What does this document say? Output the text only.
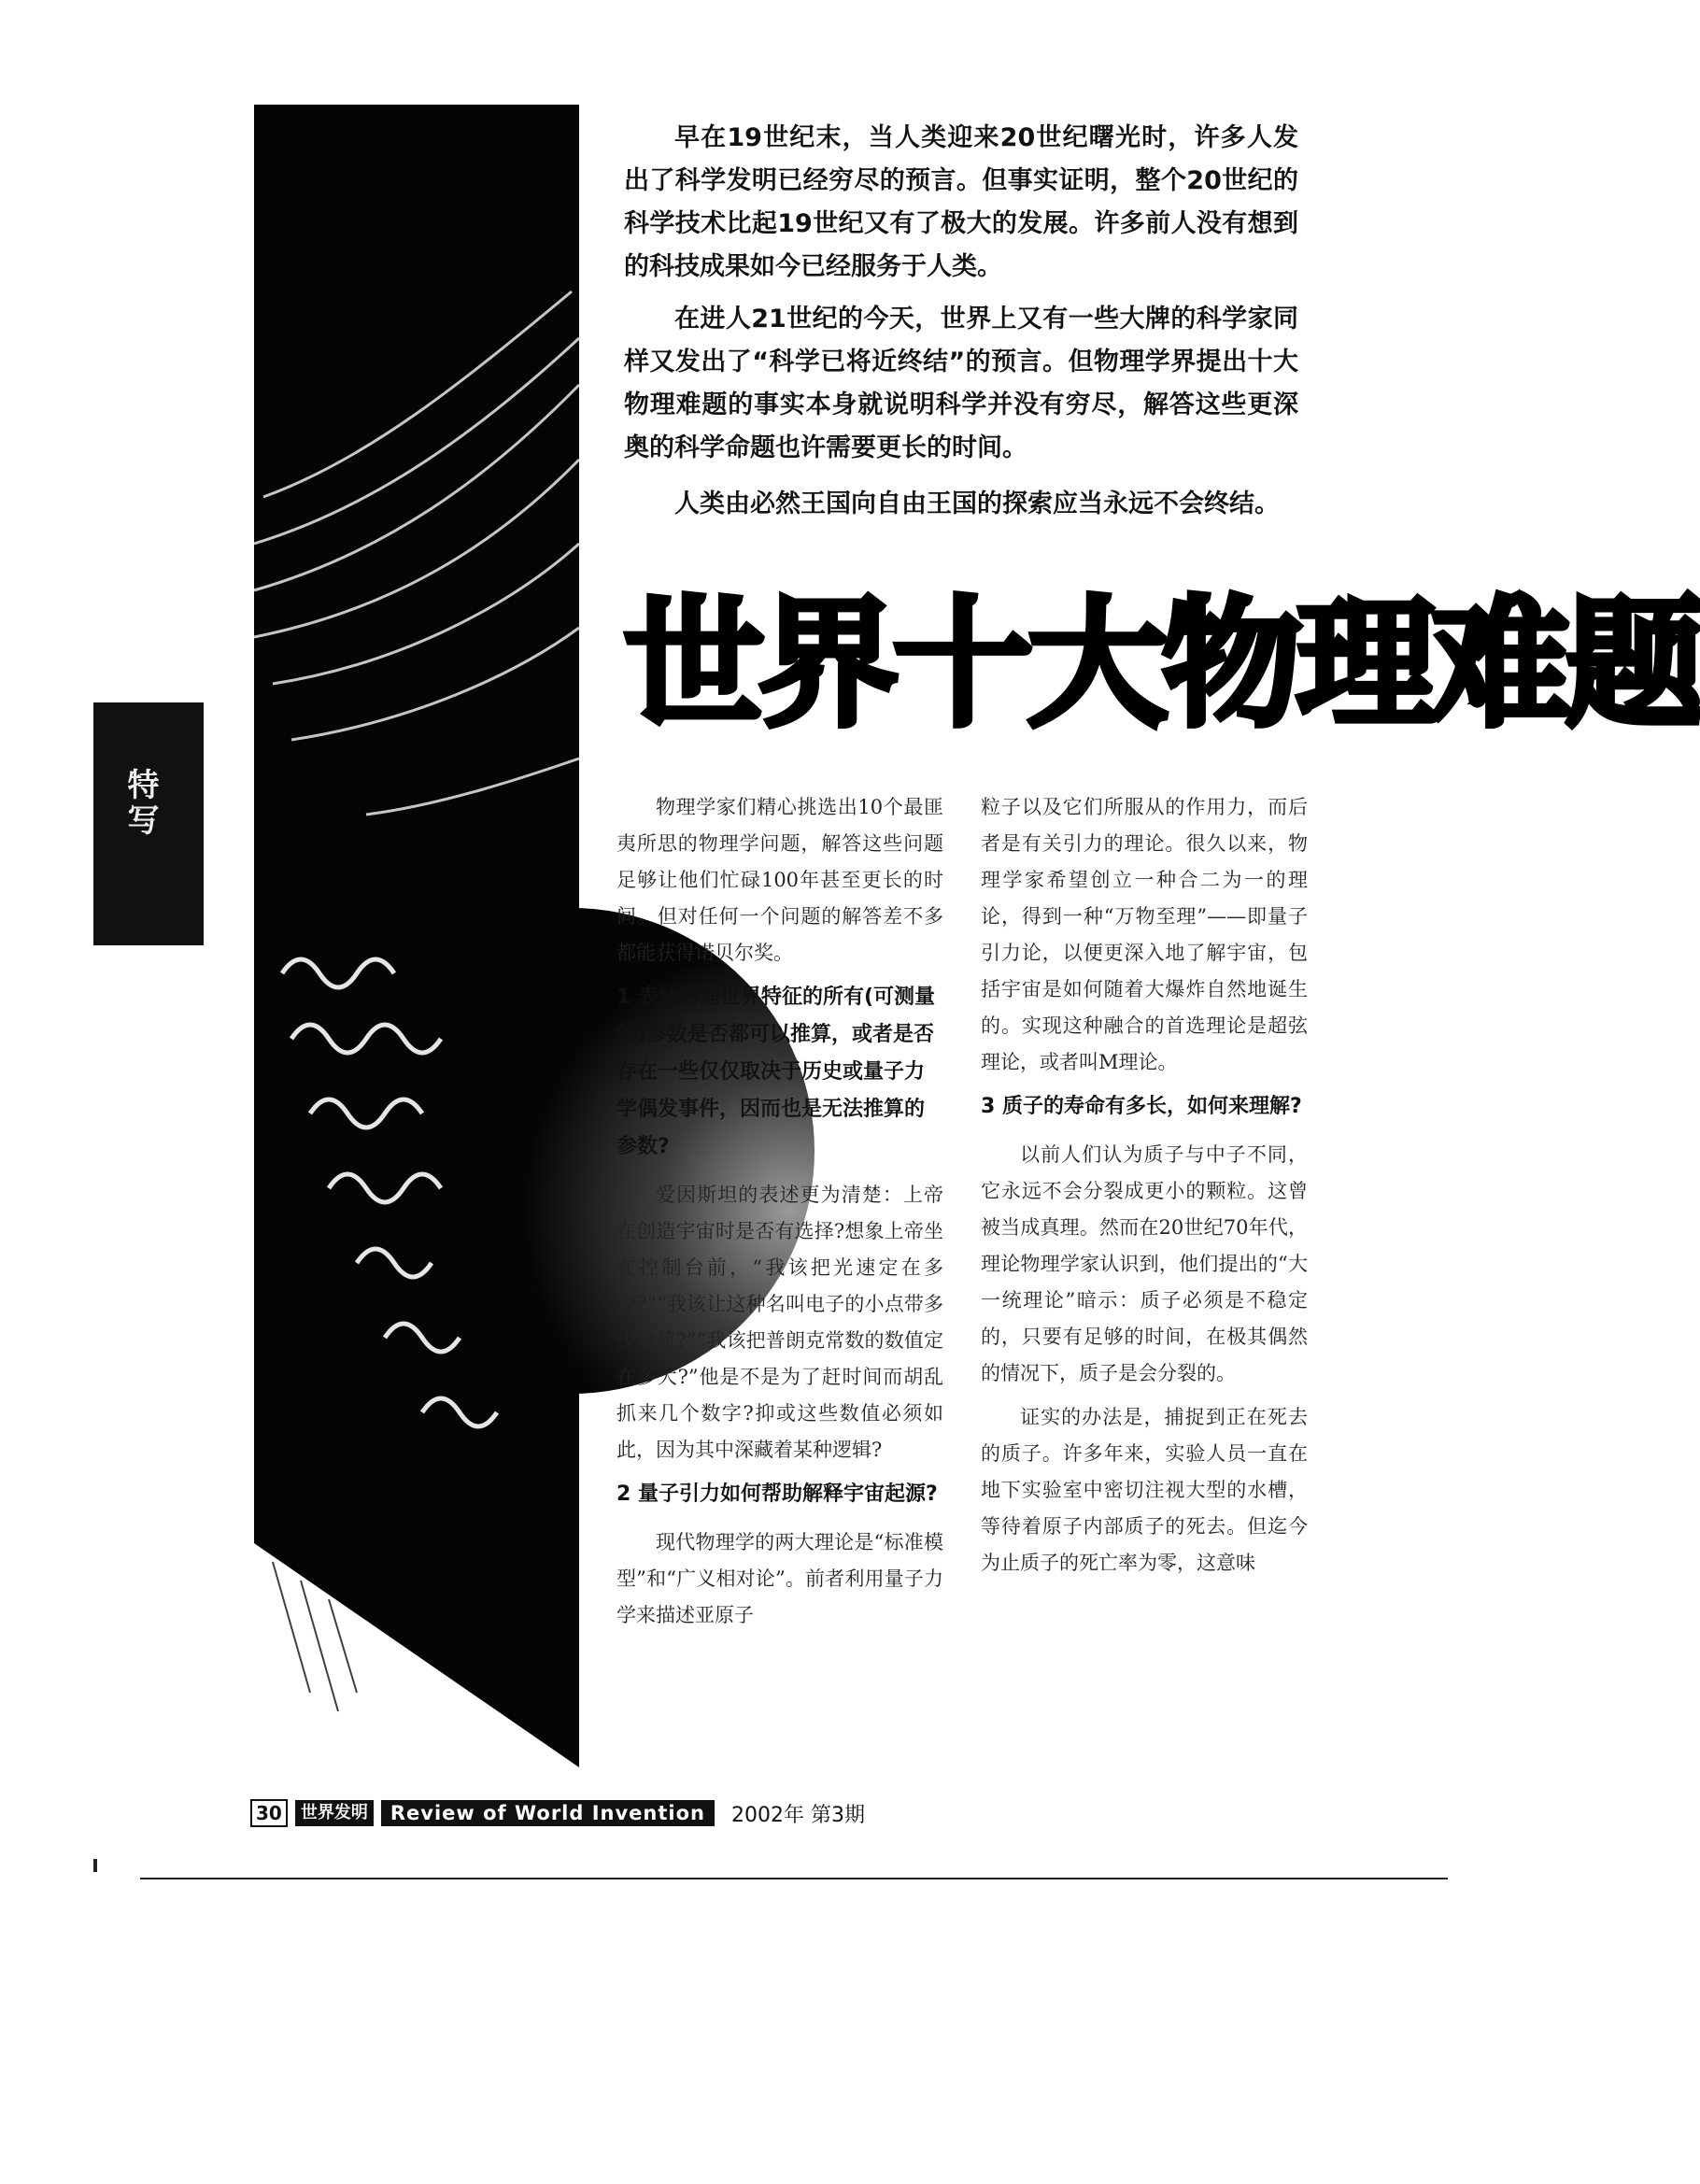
特写

早在19世纪末，当人类迎来20世纪曙光时，许多人发出了科学发明已经穷尽的预言。但事实证明，整个20世纪的科学技术比起19世纪又有了极大的发展。许多前人没有想到的科技成果如今已经服务于人类。

在进人21世纪的今天，世界上又有一些大牌的科学家同样又发出了“科学已将近终结”的预言。但物理学界提出十大物理难题的事实本身就说明科学并没有穷尽，解答这些更深奥的科学命题也许需要更长的时间。

人类由必然王国向自由王国的探索应当永远不会终结。

世界十大物理难题

物理学家们精心挑选出10个最匪夷所思的物理学问题，解答这些问题足够让他们忙碌100年甚至更长的时间。但对任何一个问题的解答差不多都能获得诺贝尔奖。

1 表达物理世界特征的所有(可测量的)参数是否都可以推算，或者是否存在一些仅仅取决于历史或量子力学偶发事件，因而也是无法推算的参数?

爱因斯坦的表述更为清楚：上帝在创造宇宙时是否有选择?想象上帝坐在控制台前，“我该把光速定在多少?”“我该让这种名叫电子的小点带多少电荷?”“我该把普朗克常数的数值定在多大?”他是不是为了赶时间而胡乱抓来几个数字?抑或这些数值必须如此，因为其中深藏着某种逻辑?

2 量子引力如何帮助解释宇宙起源?

现代物理学的两大理论是“标准模型”和“广义相对论”。前者利用量子力学来描述亚原子

粒子以及它们所服从的作用力，而后者是有关引力的理论。很久以来，物理学家希望创立一种合二为一的理论，得到一种“万物至理”——即量子引力论，以便更深入地了解宇宙，包括宇宙是如何随着大爆炸自然地诞生的。实现这种融合的首选理论是超弦理论，或者叫M理论。

3 质子的寿命有多长，如何来理解?

以前人们认为质子与中子不同，它永远不会分裂成更小的颗粒。这曾被当成真理。然而在20世纪70年代，理论物理学家认识到，他们提出的“大一统理论”暗示：质子必须是不稳定的，只要有足够的时间，在极其偶然的情况下，质子是会分裂的。

证实的办法是，捕捉到正在死去的质子。许多年来，实验人员一直在地下实验室中密切注视大型的水槽，等待着原子内部质子的死去。但迄今为止质子的死亡率为零，这意味

30	世界发明	Review of World Invention	2002年 第3期
